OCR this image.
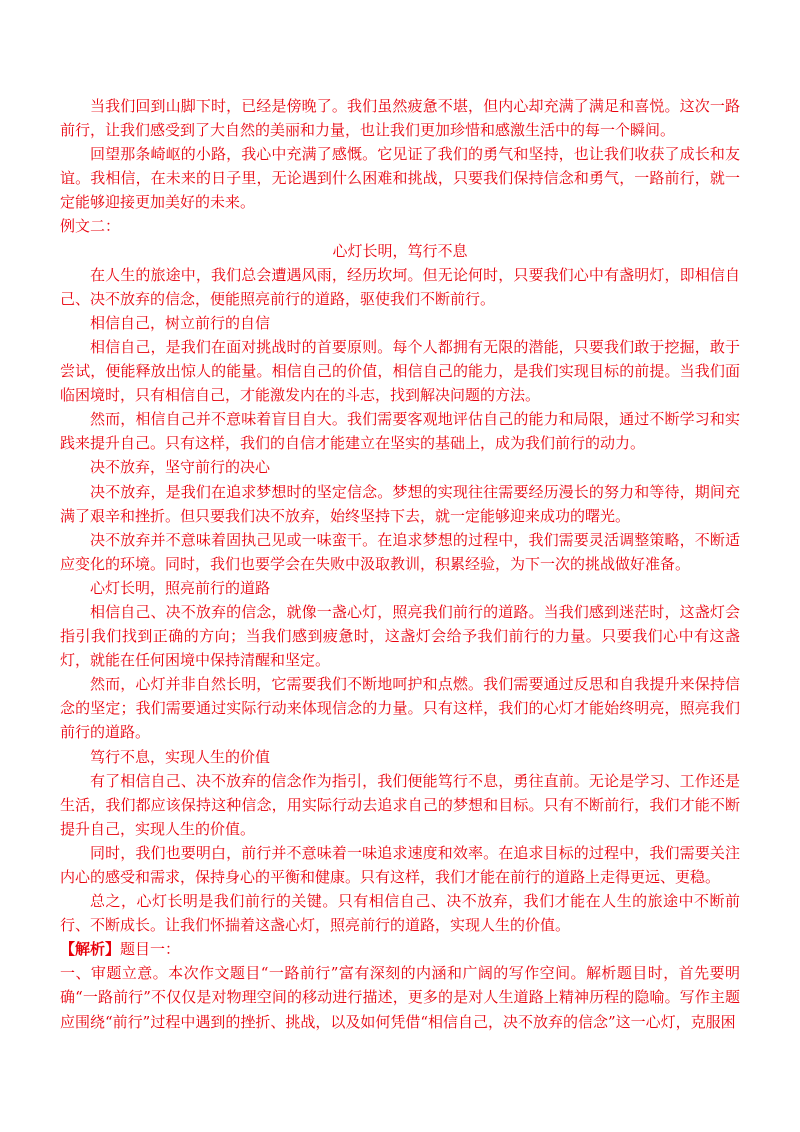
当我们回到山脚下时，已经是傍晚了。我们虽然疲惫不堪，但内心却充满了满足和喜悦。这次一路前行，让我们感受到了大自然的美丽和力量，也让我们更加珍惜和感激生活中的每一个瞬间。

回望那条崎岖的小路，我心中充满了感慨。它见证了我们的勇气和坚持，也让我们收获了成长和友谊。我相信，在未来的日子里，无论遇到什么困难和挑战，只要我们保持信念和勇气，一路前行，就一定能够迎接更加美好的未来。

例文二：

心灯长明，笃行不息

在人生的旅途中，我们总会遭遇风雨，经历坎坷。但无论何时，只要我们心中有盏明灯，即相信自己、决不放弃的信念，便能照亮前行的道路，驱使我们不断前行。

相信自己，树立前行的自信

相信自己，是我们在面对挑战时的首要原则。每个人都拥有无限的潜能，只要我们敢于挖掘，敢于尝试，便能释放出惊人的能量。相信自己的价值，相信自己的能力，是我们实现目标的前提。当我们面临困境时，只有相信自己，才能激发内在的斗志，找到解决问题的方法。

然而，相信自己并不意味着盲目自大。我们需要客观地评估自己的能力和局限，通过不断学习和实践来提升自己。只有这样，我们的自信才能建立在坚实的基础上，成为我们前行的动力。

决不放弃，坚守前行的决心

决不放弃，是我们在追求梦想时的坚定信念。梦想的实现往往需要经历漫长的努力和等待，期间充满了艰辛和挫折。但只要我们决不放弃，始终坚持下去，就一定能够迎来成功的曙光。

决不放弃并不意味着固执己见或一味蛮干。在追求梦想的过程中，我们需要灵活调整策略，不断适应变化的环境。同时，我们也要学会在失败中汲取教训，积累经验，为下一次的挑战做好准备。

心灯长明，照亮前行的道路

相信自己、决不放弃的信念，就像一盏心灯，照亮我们前行的道路。当我们感到迷茫时，这盏灯会指引我们找到正确的方向；当我们感到疲惫时，这盏灯会给予我们前行的力量。只要我们心中有这盏灯，就能在任何困境中保持清醒和坚定。

然而，心灯并非自然长明，它需要我们不断地呵护和点燃。我们需要通过反思和自我提升来保持信念的坚定；我们需要通过实际行动来体现信念的力量。只有这样，我们的心灯才能始终明亮，照亮我们前行的道路。

笃行不息，实现人生的价值

有了相信自己、决不放弃的信念作为指引，我们便能笃行不息，勇往直前。无论是学习、工作还是生活，我们都应该保持这种信念，用实际行动去追求自己的梦想和目标。只有不断前行，我们才能不断提升自己，实现人生的价值。

同时，我们也要明白，前行并不意味着一味追求速度和效率。在追求目标的过程中，我们需要关注内心的感受和需求，保持身心的平衡和健康。只有这样，我们才能在前行的道路上走得更远、更稳。

总之，心灯长明是我们前行的关键。只有相信自己、决不放弃，我们才能在人生的旅途中不断前行、不断成长。让我们怀揣着这盏心灯，照亮前行的道路，实现人生的价值。

【解析】题目一：

一、审题立意。本次作文题目“一路前行”富有深刻的内涵和广阔的写作空间。解析题目时，首先要明确“一路前行”不仅仅是对物理空间的移动进行描述，更多的是对人生道路上精神历程的隐喻。写作主题应围绕“前行”过程中遇到的挫折、挑战，以及如何凭借“相信自己，决不放弃的信念”这一心灯，克服困
